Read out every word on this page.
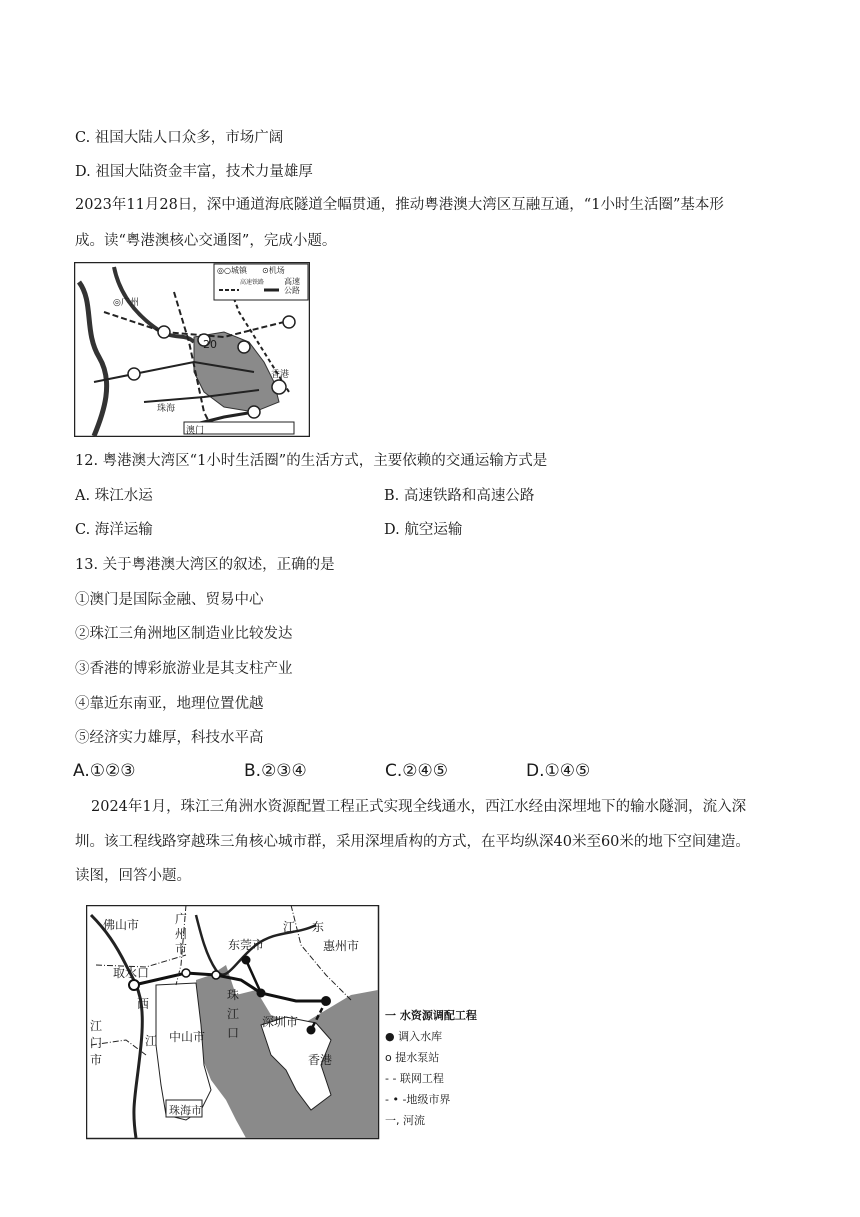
C. 祖国大陆人口众多，市场广阔
D. 祖国大陆资金丰富，技术力量雄厚
2023年11月28日，深中通道海底隧道全幅贯通，推动粤港澳大湾区互融互通，“1小时生活圈”基本形
成。读“粤港澳核心交通图”，完成小题。
◎○城镇 ⊙机场
高速铁路 高速公路
◎广州
20
香港
珠海
澳门
12. 粤港澳大湾区“1小时生活圈”的生活方式，主要依赖的交通运输方式是
A. 珠江水运	B. 高速铁路和高速公路
C. 海洋运输	D. 航空运输
13. 关于粤港澳大湾区的叙述，正确的是
①澳门是国际金融、贸易中心
②珠江三角洲地区制造业比较发达
③香港的博彩旅游业是其支柱产业
④靠近东南亚，地理位置优越
⑤经济实力雄厚，科技水平高
A.①②③	B.②③④	C.②④⑤	D.①④⑤
2024年1月，珠江三角洲水资源配置工程正式实现全线通水，西江水经由深埋地下的输水隧洞，流入深
圳。该工程线路穿越珠三角核心城市群，采用深埋盾构的方式，在平均纵深40米至60米的地下空间建造。
读图，回答小题。
佛山市	广州市	东莞市
江 东
惠州市
取水口
西
江
江门市
中山市
珠江口
深圳市
香港
珠海市
一 水资源调配工程
● 调入水库
o 提水泵站
- - 联网工程
- • -地级市界
一, 河流
